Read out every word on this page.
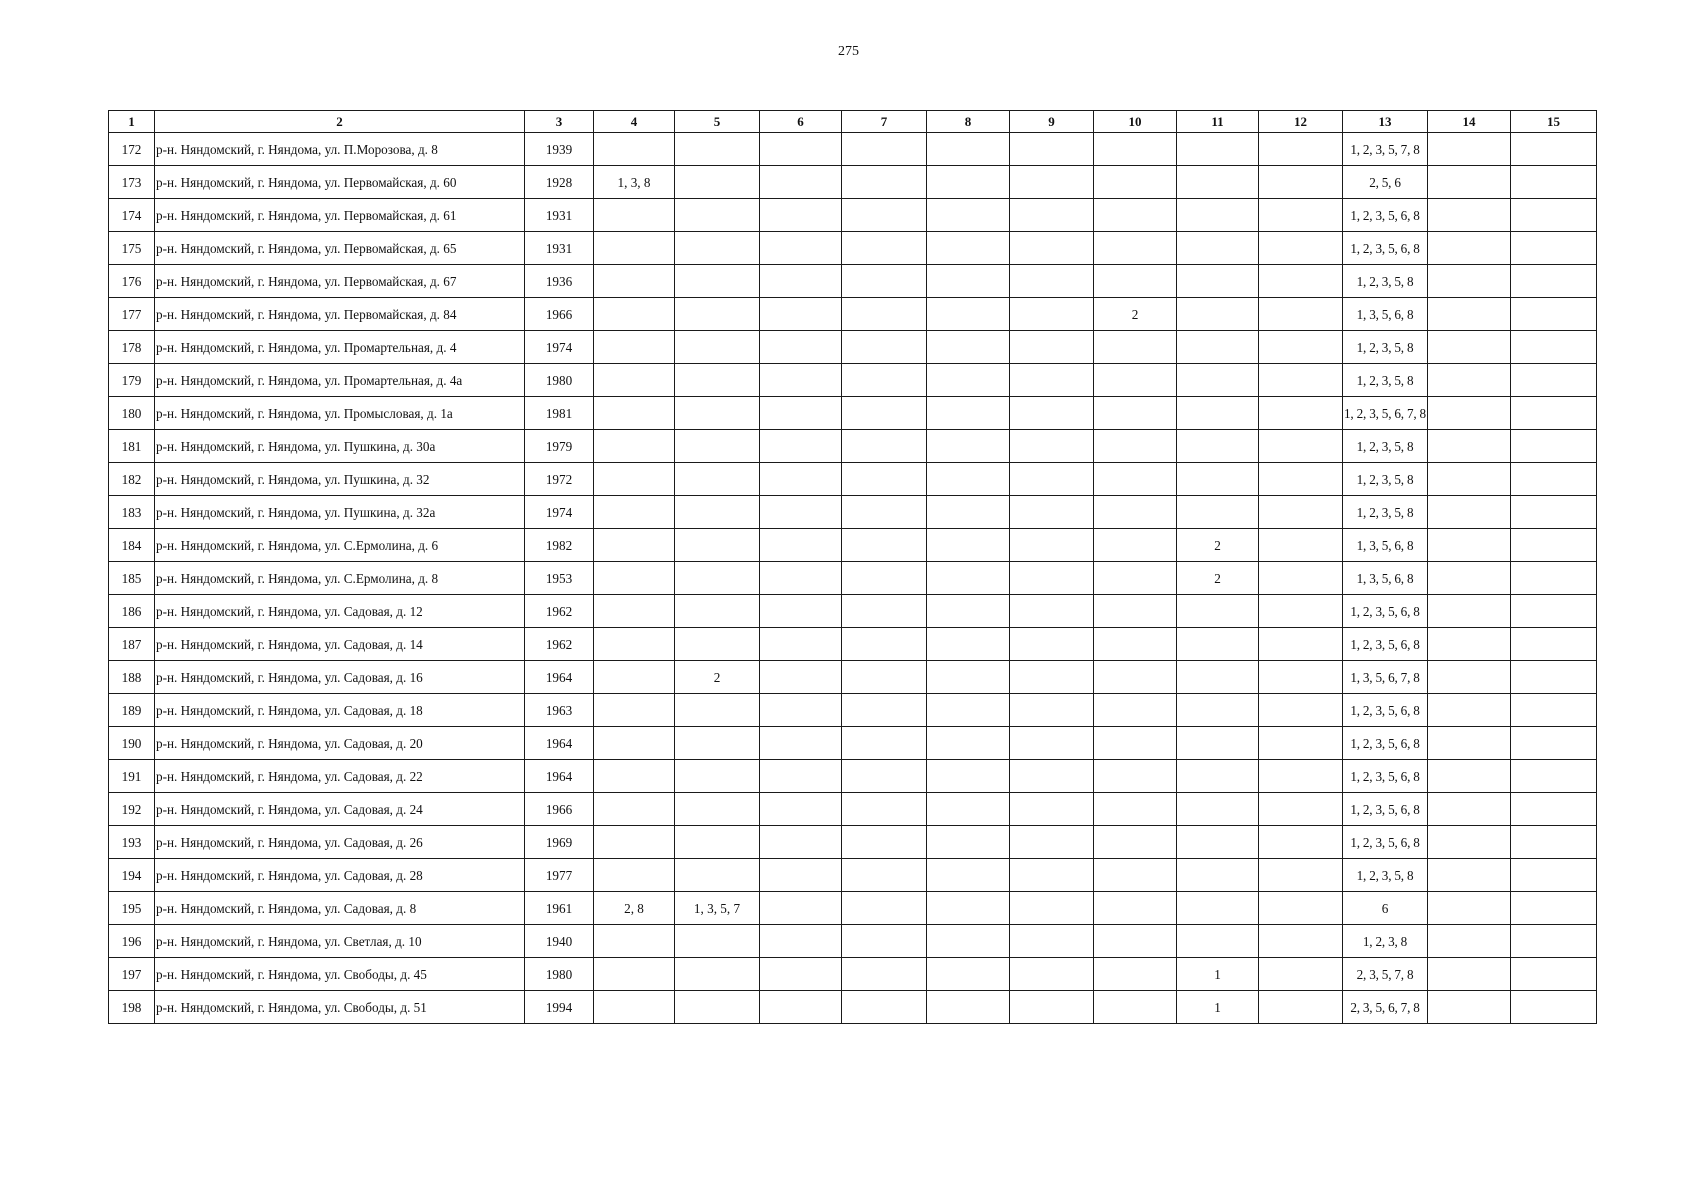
275
1	2	3	4	5	6	7	8	9	10	11	12	13	14	15
172	р-н. Няндомский, г. Няндома, ул. П.Морозова, д. 8	1939										1, 2, 3, 5, 7, 8		
173	р-н. Няндомский, г. Няндома, ул. Первомайская, д. 60	1928	1, 3, 8									2, 5, 6		
174	р-н. Няндомский, г. Няндома, ул. Первомайская, д. 61	1931										1, 2, 3, 5, 6, 8		
175	р-н. Няндомский, г. Няндома, ул. Первомайская, д. 65	1931										1, 2, 3, 5, 6, 8		
176	р-н. Няндомский, г. Няндома, ул. Первомайская, д. 67	1936										1, 2, 3, 5, 8		
177	р-н. Няндомский, г. Няндома, ул. Первомайская, д. 84	1966							2			1, 3, 5, 6, 8		
178	р-н. Няндомский, г. Няндома, ул. Промартельная, д. 4	1974										1, 2, 3, 5, 8		
179	р-н. Няндомский, г. Няндома, ул. Промартельная, д. 4а	1980										1, 2, 3, 5, 8		
180	р-н. Няндомский, г. Няндома, ул. Промысловая, д. 1а	1981										1, 2, 3, 5, 6, 7, 8		
181	р-н. Няндомский, г. Няндома, ул. Пушкина, д. 30а	1979										1, 2, 3, 5, 8		
182	р-н. Няндомский, г. Няндома, ул. Пушкина, д. 32	1972										1, 2, 3, 5, 8		
183	р-н. Няндомский, г. Няндома, ул. Пушкина, д. 32а	1974										1, 2, 3, 5, 8		
184	р-н. Няндомский, г. Няндома, ул. С.Ермолина, д. 6	1982								2		1, 3, 5, 6, 8		
185	р-н. Няндомский, г. Няндома, ул. С.Ермолина, д. 8	1953								2		1, 3, 5, 6, 8		
186	р-н. Няндомский, г. Няндома, ул. Садовая, д. 12	1962										1, 2, 3, 5, 6, 8		
187	р-н. Няндомский, г. Няндома, ул. Садовая, д. 14	1962										1, 2, 3, 5, 6, 8		
188	р-н. Няндомский, г. Няндома, ул. Садовая, д. 16	1964		2								1, 3, 5, 6, 7, 8		
189	р-н. Няндомский, г. Няндома, ул. Садовая, д. 18	1963										1, 2, 3, 5, 6, 8		
190	р-н. Няндомский, г. Няндома, ул. Садовая, д. 20	1964										1, 2, 3, 5, 6, 8		
191	р-н. Няндомский, г. Няндома, ул. Садовая, д. 22	1964										1, 2, 3, 5, 6, 8		
192	р-н. Няндомский, г. Няндома, ул. Садовая, д. 24	1966										1, 2, 3, 5, 6, 8		
193	р-н. Няндомский, г. Няндома, ул. Садовая, д. 26	1969										1, 2, 3, 5, 6, 8		
194	р-н. Няндомский, г. Няндома, ул. Садовая, д. 28	1977										1, 2, 3, 5, 8		
195	р-н. Няндомский, г. Няндома, ул. Садовая, д. 8	1961	2, 8	1, 3, 5, 7								6		
196	р-н. Няндомский, г. Няндома, ул. Светлая, д. 10	1940										1, 2, 3, 8		
197	р-н. Няндомский, г. Няндома, ул. Свободы, д. 45	1980								1		2, 3, 5, 7, 8		
198	р-н. Няндомский, г. Няндома, ул. Свободы, д. 51	1994								1		2, 3, 5, 6, 7, 8		
